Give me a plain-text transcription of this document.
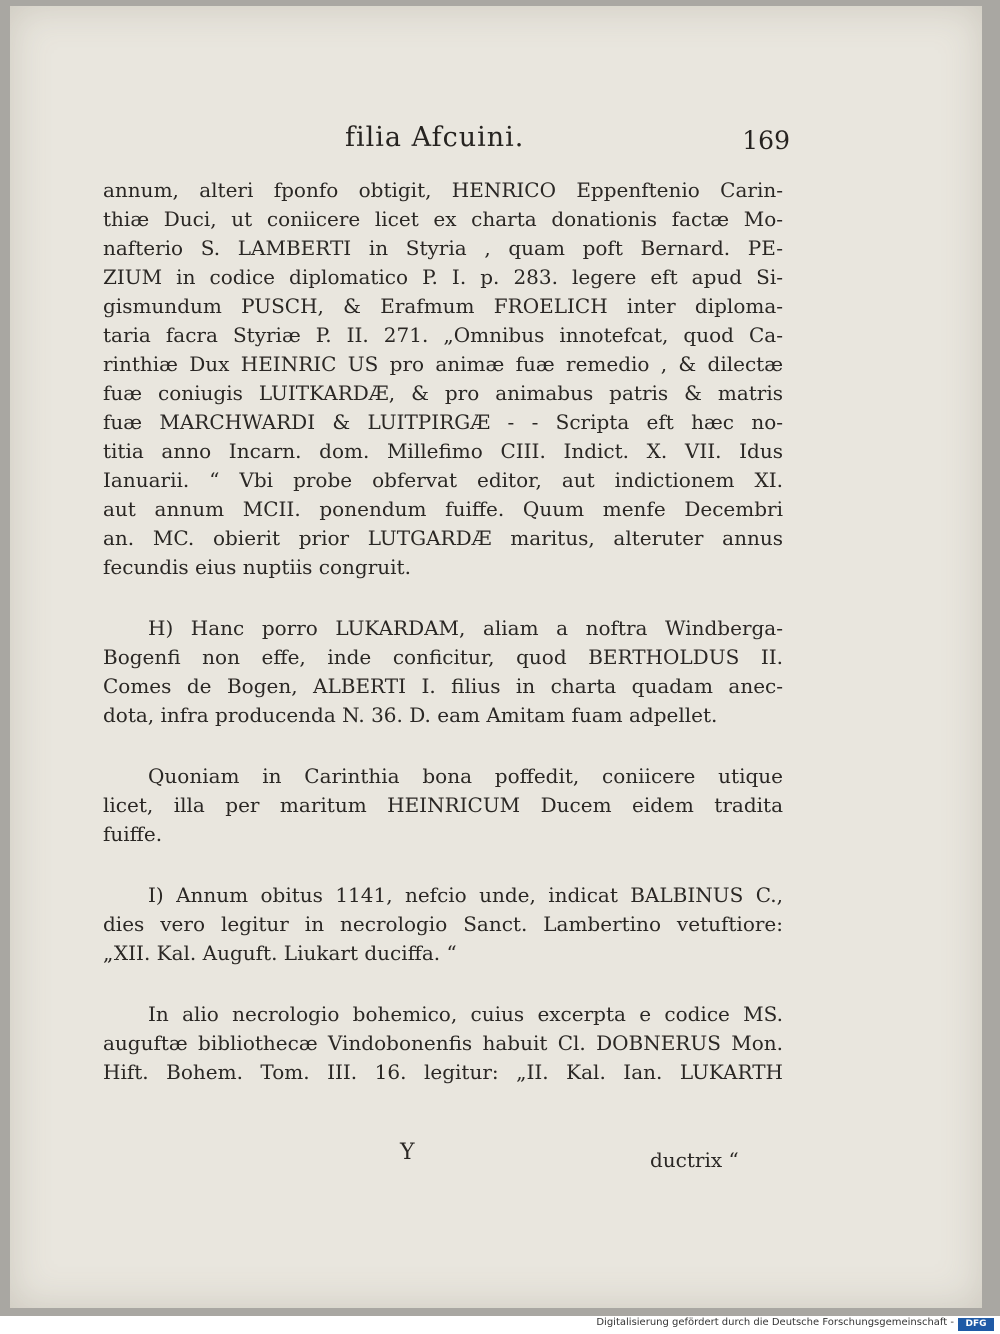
filia Afcuini.	169

annum, alteri fponfo obtigit, HENRICO Eppenftenio Carin-
thiæ Duci, ut coniicere licet ex charta donationis factæ Mo-
nafterio S. LAMBERTI in Styria , quam poft Bernard. PE-
ZIUM in codice diplomatico P. I. p. 283. legere eft apud Si-
gismundum PUSCH, & Erafmum FROELICH inter diploma-
taria facra Styriæ P. II. 271. „Omnibus innotefcat, quod Ca-
rinthiæ Dux HEINRIC US pro animæ fuæ remedio , & dilectæ
fuæ coniugis LUITKARDÆ, & pro animabus patris & matris
fuæ MARCHWARDI & LUITPIRGÆ - - Scripta eft hæc no-
titia anno Incarn. dom. Millefimo CIII. Indict. X. VII. Idus
Ianuarii. “ Vbi probe obfervat editor, aut indictionem XI.
aut annum MCII. ponendum fuiffe. Quum menfe Decembri
an. MC. obierit prior LUTGARDÆ maritus, alteruter annus
fecundis eius nuptiis congruit.

H) Hanc porro LUKARDAM, aliam a noftra Windberga-
Bogenfi non effe, inde conficitur, quod BERTHOLDUS II.
Comes de Bogen, ALBERTI I. filius in charta quadam anec-
dota, infra producenda N. 36. D. eam Amitam fuam adpellet.

Quoniam in Carinthia bona poffedit, coniicere utique
licet, illa per maritum HEINRICUM Ducem eidem tradita
fuiffe.

I) Annum obitus 1141, nefcio unde, indicat BALBINUS C.,
dies vero legitur in necrologio Sanct. Lambertino vetuftiore:
„XII. Kal. Auguft. Liukart duciffa. “

In alio necrologio bohemico, cuius excerpta e codice MS.
auguftæ bibliothecæ Vindobonenfis habuit Cl. DOBNERUS Mon.
Hift. Bohem. Tom. III. 16. legitur: „II. Kal. Ian. LUKARTH

Y	ductrix “
Digitalisierung gefördert durch die Deutsche Forschungsgemeinschaft -	DFG
